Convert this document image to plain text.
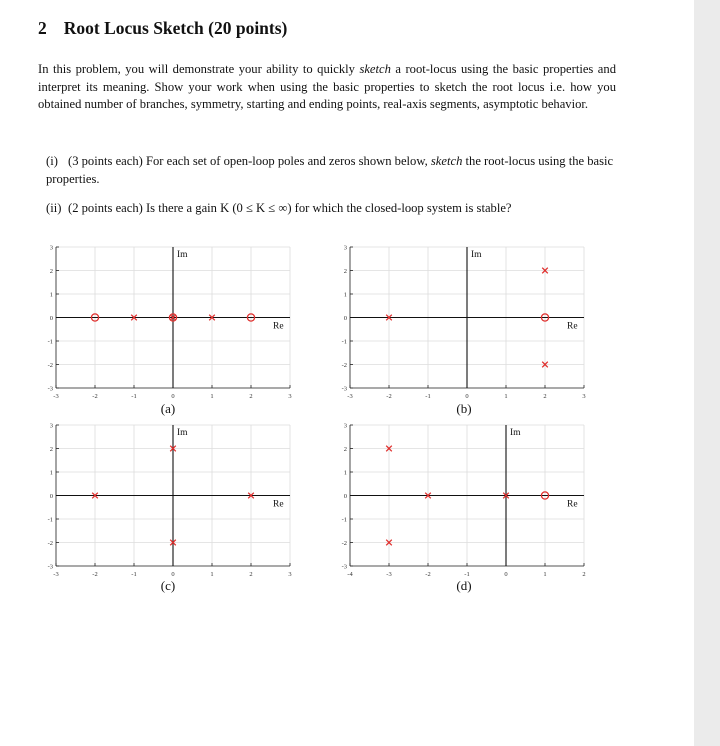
2 Root Locus Sketch (20 points)
In this problem, you will demonstrate your ability to quickly sketch a root-locus using the basic properties and interpret its meaning. Show your work when using the basic properties to sketch the root locus i.e. how you obtained number of branches, symmetry, starting and ending points, real-axis segments, asymptotic behavior.
(i) (3 points each) For each set of open-loop poles and zeros shown below, sketch the root-locus using the basic properties.
(ii) (2 points each) Is there a gain K (0 ≤ K ≤ ∞) for which the closed-loop system is stable?
-3	-2	-1	0	1	2	3
3
2
1
0
-1
-2
-3
Im
Re
(a)
-3	-2	-1	0	1	2	3
3
2
1
0
-1
-2
-3
Im
Re
(b)
-3	-2	-1	0	1	2	3
3
2
1
0
-1
-2
-3
Im
Re
(c)
-4	-3	-2	-1	0	1	2
3
2
1
0
-1
-2
-3
Im
Re
(d)
